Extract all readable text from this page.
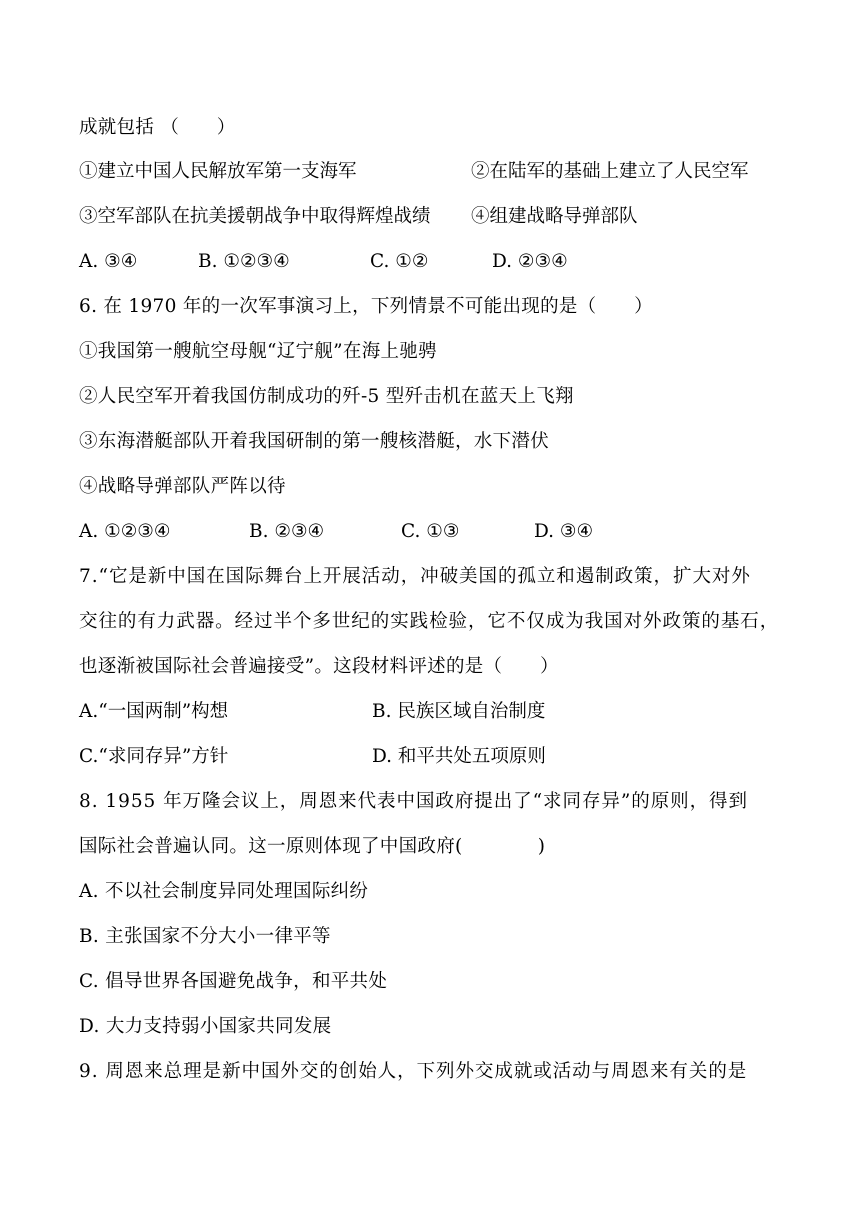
成就包括 （　　）

①建立中国人民解放军第一支海军

	②在陆军的基础上建立了人民空军

③空军部队在抗美援朝战争中取得辉煌战绩

④组建战略导弹部队

A. ③④

	B. ①②③④

	C. ①②

	D. ②③④

6. 在 1970 年的一次军事演习上，下列情景不可能出现的是（　　）
①我国第一艘航空母舰“辽宁舰”在海上驰骋
②人民空军开着我国仿制成功的歼-5 型歼击机在蓝天上飞翔
③东海潜艇部队开着我国研制的第一艘核潜艇，水下潜伏
④战略导弹部队严阵以待

A. ①②③④

	B. ②③④

	C. ①③

	D. ③④

7.“它是新中国在国际舞台上开展活动，冲破美国的孤立和遏制政策，扩大对外
交往的有力武器。经过半个多世纪的实践检验，它不仅成为我国对外政策的基石，
也逐渐被国际社会普遍接受”。这段材料评述的是（　　）

A.“一国两制”构想

	B. 民族区域自治制度

C.“求同存异”方针

	D. 和平共处五项原则

8. 1955 年万隆会议上，周恩来代表中国政府提出了“求同存异”的原则，得到
国际社会普遍认同。这一原则体现了中国政府(　　　　)
A. 不以社会制度异同处理国际纠纷
B. 主张国家不分大小一律平等
C. 倡导世界各国避免战争，和平共处
D. 大力支持弱小国家共同发展
9. 周恩来总理是新中国外交的创始人，下列外交成就或活动与周恩来有关的是
